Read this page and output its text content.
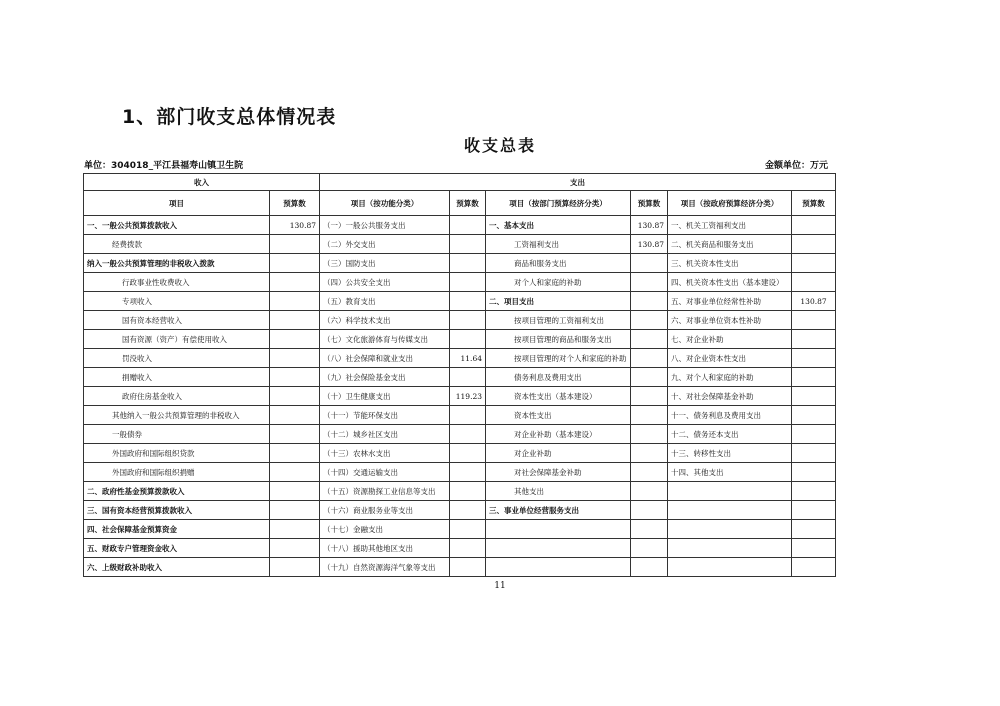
1、部门收支总体情况表
收支总表
单位：304018_平江县福寿山镇卫生院	金额单位：万元
收入		支出					
项目	预算数	项目（按功能分类）	预算数	项目（按部门预算经济分类）	预算数	项目（按政府预算经济分类）	预算数
一、一般公共预算拨款收入	130.87	（一）一般公共服务支出		一、基本支出	130.87	一、机关工资福利支出	
经费拨款		（二）外交支出		工资福利支出	130.87	二、机关商品和服务支出	
纳入一般公共预算管理的非税收入拨款		（三）国防支出		商品和服务支出		三、机关资本性支出	
行政事业性收费收入		（四）公共安全支出		对个人和家庭的补助		四、机关资本性支出（基本建设）	
专项收入		（五）教育支出		二、项目支出		五、对事业单位经常性补助	130.87
国有资本经营收入		（六）科学技术支出		按项目管理的工资福利支出		六、对事业单位资本性补助	
国有资源（资产）有偿使用收入		（七）文化旅游体育与传媒支出		按项目管理的商品和服务支出		七、对企业补助	
罚没收入		（八）社会保障和就业支出	11.64	按项目管理的对个人和家庭的补助		八、对企业资本性支出	
捐赠收入		（九）社会保险基金支出		债务利息及费用支出		九、对个人和家庭的补助	
政府住房基金收入		（十）卫生健康支出	119.23	资本性支出（基本建设）		十、对社会保障基金补助	
其他纳入一般公共预算管理的非税收入		（十一）节能环保支出		资本性支出		十一、债务利息及费用支出	
一般债券		（十二）城乡社区支出		对企业补助（基本建设）		十二、债务还本支出	
外国政府和国际组织贷款		（十三）农林水支出		对企业补助		十三、转移性支出	
外国政府和国际组织捐赠		（十四）交通运输支出		对社会保障基金补助		十四、其他支出	
二、政府性基金预算拨款收入		（十五）资源勘探工业信息等支出		其他支出			
三、国有资本经营预算拨款收入		（十六）商业服务业等支出		三、事业单位经营服务支出			
四、社会保障基金预算资金		（十七）金融支出					
五、财政专户管理资金收入		（十八）援助其他地区支出					
六、上级财政补助收入		（十九）自然资源海洋气象等支出					
11
